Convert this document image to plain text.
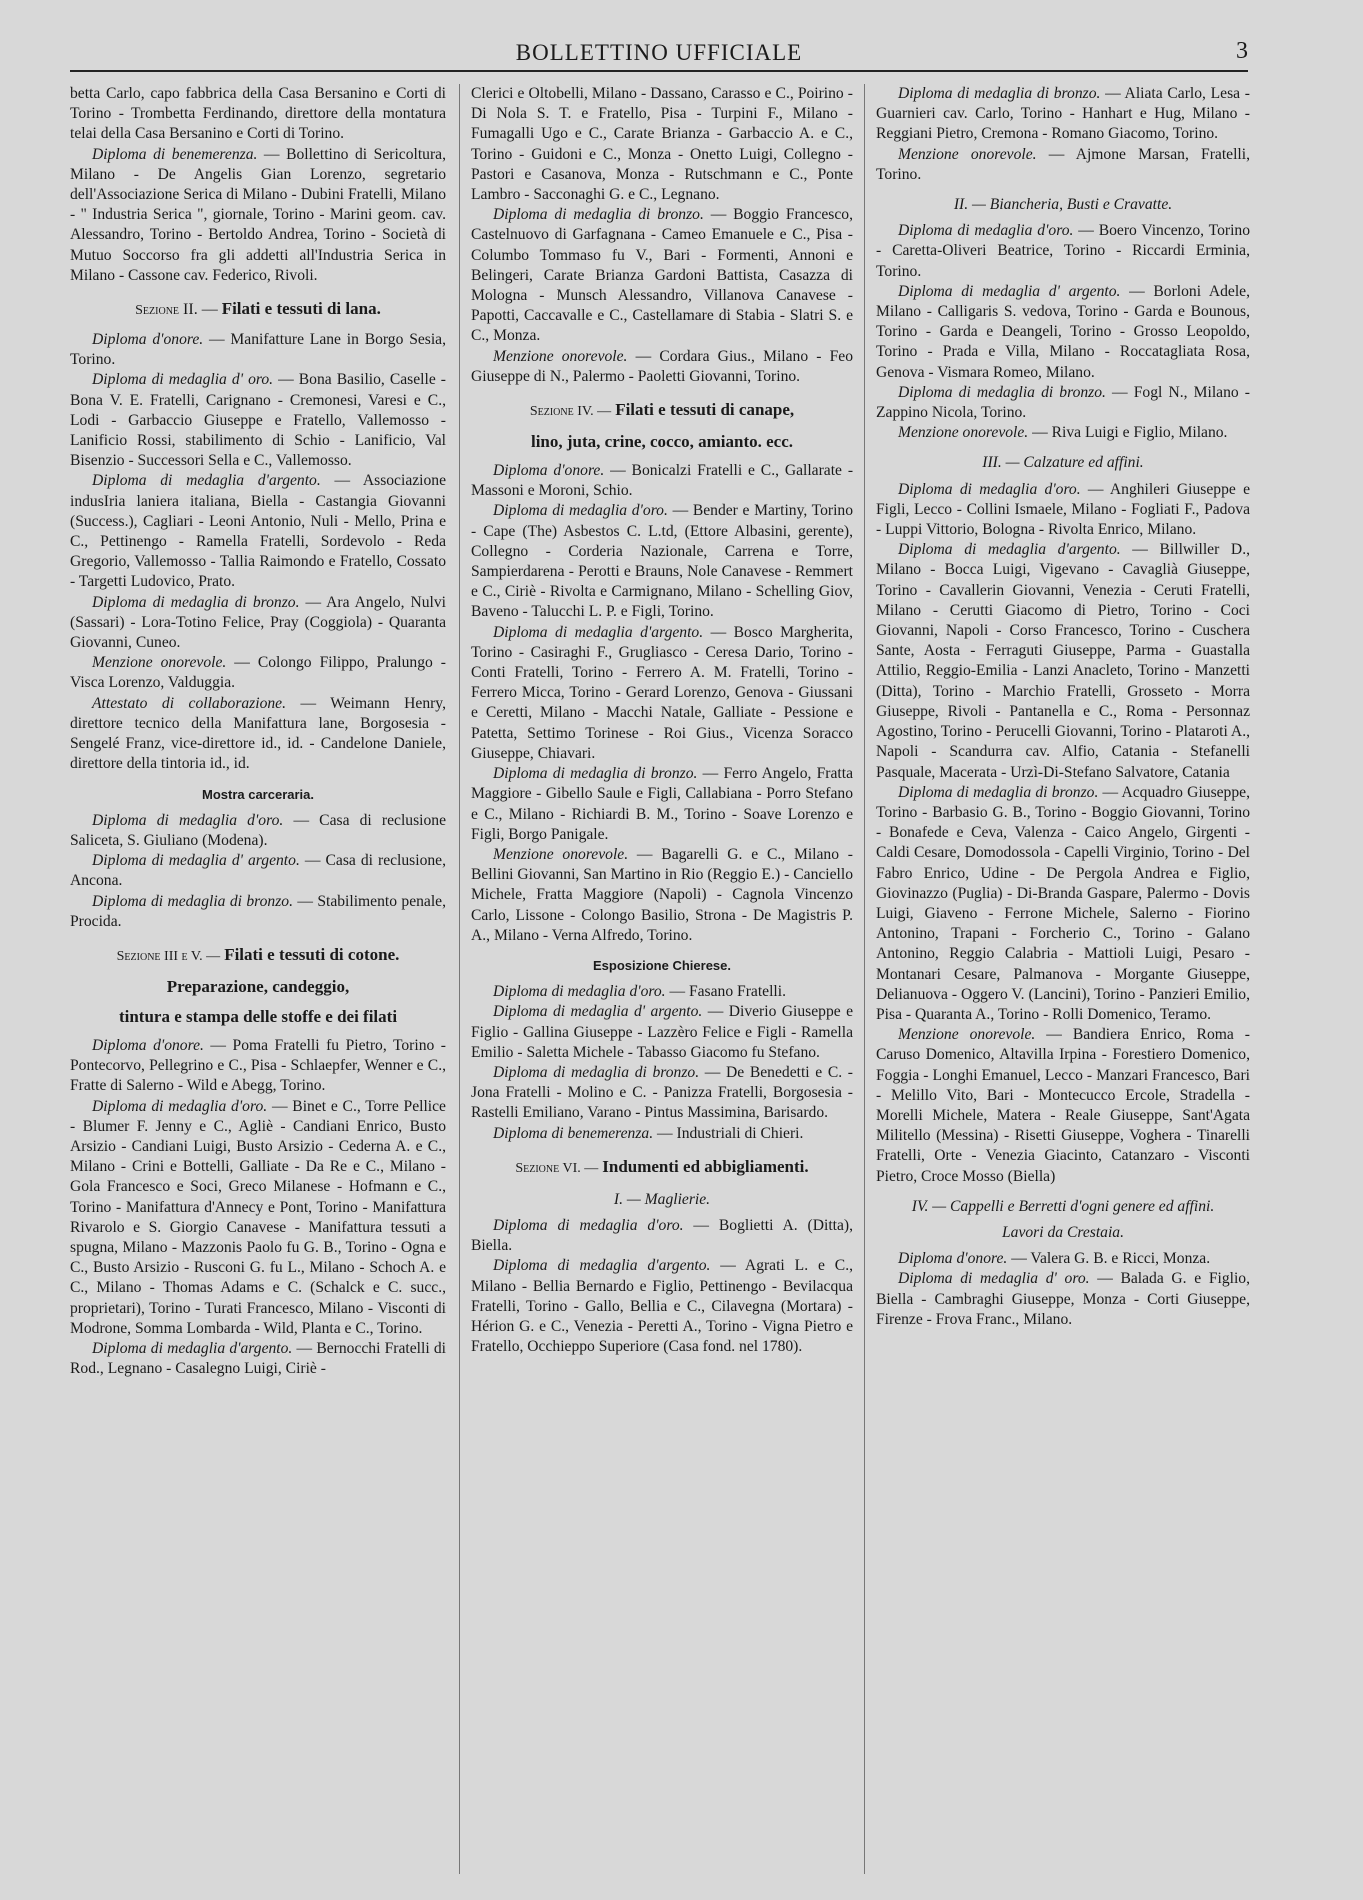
BOLLETTINO UFFICIALE	3

betta Carlo, capo fabbrica della Casa Bersanino e Corti di Torino - Trombetta Ferdinando, direttore della montatura telai della Casa Bersanino e Corti di Torino.

Diploma di benemerenza. — Bollettino di Sericoltura, Milano - De Angelis Gian Lorenzo, segretario dell'Associazione Serica di Milano - Dubini Fratelli, Milano - " Industria Serica ", giornale, Torino - Marini geom. cav. Alessandro, Torino - Bertoldo Andrea, Torino - Società di Mutuo Soccorso fra gli addetti all'Industria Serica in Milano - Cassone cav. Federico, Rivoli.

Sezione II. — Filati e tessuti di lana.

Diploma d'onore. — Manifatture Lane in Borgo Sesia, Torino.

Diploma di medaglia d' oro. — Bona Basilio, Caselle - Bona V. E. Fratelli, Carignano - Cremonesi, Varesi e C., Lodi - Garbaccio Giuseppe e Fratello, Vallemosso - Lanificio Rossi, stabilimento di Schio - Lanificio, Val Bisenzio - Successori Sella e C., Vallemosso.

Diploma di medaglia d'argento. — Associazione indusIria laniera italiana, Biella - Castangia Giovanni (Success.), Cagliari - Leoni Antonio, Nuli - Mello, Prina e C., Pettinengo - Ramella Fratelli, Sordevolo - Reda Gregorio, Vallemosso - Tallia Raimondo e Fratello, Cossato - Targetti Ludovico, Prato.

Diploma di medaglia di bronzo. — Ara Angelo, Nulvi (Sassari) - Lora-Totino Felice, Pray (Coggiola) - Quaranta Giovanni, Cuneo.

Menzione onorevole. — Colongo Filippo, Pralungo - Visca Lorenzo, Valduggia.

Attestato di collaborazione. — Weimann Henry, direttore tecnico della Manifattura lane, Borgosesia - Sengelé Franz, vice-direttore id., id. - Candelone Daniele, direttore della tintoria id., id.

Mostra carceraria.

Diploma di medaglia d'oro. — Casa di reclusione Saliceta, S. Giuliano (Modena).

Diploma di medaglia d' argento. — Casa di reclusione, Ancona.

Diploma di medaglia di bronzo. — Stabilimento penale, Procida.

Sezione III e V. — Filati e tessuti di cotone.
Preparazione, candeggio,
tintura e stampa delle stoffe e dei filati

Diploma d'onore. — Poma Fratelli fu Pietro, Torino - Pontecorvo, Pellegrino e C., Pisa - Schlaepfer, Wenner e C., Fratte di Salerno - Wild e Abegg, Torino.

Diploma di medaglia d'oro. — Binet e C., Torre Pellice - Blumer F. Jenny e C., Agliè - Candiani Enrico, Busto Arsizio - Candiani Luigi, Busto Arsizio - Cederna A. e C., Milano - Crini e Bottelli, Galliate - Da Re e C., Milano - Gola Francesco e Soci, Greco Milanese - Hofmann e C., Torino - Manifattura d'Annecy e Pont, Torino - Manifattura Rivarolo e S. Giorgio Canavese - Manifattura tessuti a spugna, Milano - Mazzonis Paolo fu G. B., Torino - Ogna e C., Busto Arsizio - Rusconi G. fu L., Milano - Schoch A. e C., Milano - Thomas Adams e C. (Schalck e C. succ., proprietari), Torino - Turati Francesco, Milano - Visconti di Modrone, Somma Lombarda - Wild, Planta e C., Torino.

Diploma di medaglia d'argento. — Bernocchi Fratelli di Rod., Legnano - Casalegno Luigi, Ciriè -

Clerici e Oltobelli, Milano - Dassano, Carasso e C., Poirino - Di Nola S. T. e Fratello, Pisa - Turpini F., Milano - Fumagalli Ugo e C., Carate Brianza - Garbaccio A. e C., Torino - Guidoni e C., Monza - Onetto Luigi, Collegno - Pastori e Casanova, Monza - Rutschmann e C., Ponte Lambro - Sacconaghi G. e C., Legnano.

Diploma di medaglia di bronzo. — Boggio Francesco, Castelnuovo di Garfagnana - Cameo Emanuele e C., Pisa - Columbo Tommaso fu V., Bari - Formenti, Annoni e Belingeri, Carate Brianza Gardoni Battista, Casazza di Mologna - Munsch Alessandro, Villanova Canavese - Papotti, Caccavalle e C., Castellamare di Stabia - Slatri S. e C., Monza.

Menzione onorevole. — Cordara Gius., Milano - Feo Giuseppe di N., Palermo - Paoletti Giovanni, Torino.

Sezione IV. — Filati e tessuti di canape,
lino, juta, crine, cocco, amianto. ecc.

Diploma d'onore. — Bonicalzi Fratelli e C., Gallarate - Massoni e Moroni, Schio.

Diploma di medaglia d'oro. — Bender e Martiny, Torino - Cape (The) Asbestos C. L.td, (Ettore Albasini, gerente), Collegno - Corderia Nazionale, Carrena e Torre, Sampierdarena - Perotti e Brauns, Nole Canavese - Remmert e C., Ciriè - Rivolta e Carmignano, Milano - Schelling Giov, Baveno - Talucchi L. P. e Figli, Torino.

Diploma di medaglia d'argento. — Bosco Margherita, Torino - Casiraghi F., Grugliasco - Ceresa Dario, Torino - Conti Fratelli, Torino - Ferrero A. M. Fratelli, Torino - Ferrero Micca, Torino - Gerard Lorenzo, Genova - Giussani e Ceretti, Milano - Macchi Natale, Galliate - Pessione e Patetta, Settimo Torinese - Roi Gius., Vicenza Soracco Giuseppe, Chiavari.

Diploma di medaglia di bronzo. — Ferro Angelo, Fratta Maggiore - Gibello Saule e Figli, Callabiana - Porro Stefano e C., Milano - Richiardi B. M., Torino - Soave Lorenzo e Figli, Borgo Panigale.

Menzione onorevole. — Bagarelli G. e C., Milano - Bellini Giovanni, San Martino in Rio (Reggio E.) - Canciello Michele, Fratta Maggiore (Napoli) - Cagnola Vincenzo Carlo, Lissone - Colongo Basilio, Strona - De Magistris P. A., Milano - Verna Alfredo, Torino.

Esposizione Chierese.

Diploma di medaglia d'oro. — Fasano Fratelli.

Diploma di medaglia d' argento. — Diverio Giuseppe e Figlio - Gallina Giuseppe - Lazzèro Felice e Figli - Ramella Emilio - Saletta Michele - Tabasso Giacomo fu Stefano.

Diploma di medaglia di bronzo. — De Benedetti e C. - Jona Fratelli - Molino e C. - Panizza Fratelli, Borgosesia - Rastelli Emiliano, Varano - Pintus Massimina, Barisardo.

Diploma di benemerenza. — Industriali di Chieri.

Sezione VI. — Indumenti ed abbigliamenti.
I. — Maglierie.

Diploma di medaglia d'oro. — Boglietti A. (Ditta), Biella.

Diploma di medaglia d'argento. — Agrati L. e C., Milano - Bellia Bernardo e Figlio, Pettinengo - Bevilacqua Fratelli, Torino - Gallo, Bellia e C., Cilavegna (Mortara) - Hérion G. e C., Venezia - Peretti A., Torino - Vigna Pietro e Fratello, Occhieppo Superiore (Casa fond. nel 1780).

Diploma di medaglia di bronzo. — Aliata Carlo, Lesa - Guarnieri cav. Carlo, Torino - Hanhart e Hug, Milano - Reggiani Pietro, Cremona - Romano Giacomo, Torino.

Menzione onorevole. — Ajmone Marsan, Fratelli, Torino.

II. — Biancheria, Busti e Cravatte.

Diploma di medaglia d'oro. — Boero Vincenzo, Torino - Caretta-Oliveri Beatrice, Torino - Riccardi Erminia, Torino.

Diploma di medaglia d' argento. — Borloni Adele, Milano - Calligaris S. vedova, Torino - Garda e Bounous, Torino - Garda e Deangeli, Torino - Grosso Leopoldo, Torino - Prada e Villa, Milano - Roccatagliata Rosa, Genova - Vismara Romeo, Milano.

Diploma di medaglia di bronzo. — Fogl N., Milano - Zappino Nicola, Torino.

Menzione onorevole. — Riva Luigi e Figlio, Milano.

III. — Calzature ed affini.

Diploma di medaglia d'oro. — Anghileri Giuseppe e Figli, Lecco - Collini Ismaele, Milano - Fogliati F., Padova - Luppi Vittorio, Bologna - Rivolta Enrico, Milano.

Diploma di medaglia d'argento. — Billwiller D., Milano - Bocca Luigi, Vigevano - Cavaglià Giuseppe, Torino - Cavallerin Giovanni, Venezia - Ceruti Fratelli, Milano - Cerutti Giacomo di Pietro, Torino - Coci Giovanni, Napoli - Corso Francesco, Torino - Cuschera Sante, Aosta - Ferraguti Giuseppe, Parma - Guastalla Attilio, Reggio-Emilia - Lanzi Anacleto, Torino - Manzetti (Ditta), Torino - Marchio Fratelli, Grosseto - Morra Giuseppe, Rivoli - Pantanella e C., Roma - Personnaz Agostino, Torino - Perucelli Giovanni, Torino - Plataroti A., Napoli - Scandurra cav. Alfio, Catania - Stefanelli Pasquale, Macerata - Urzì-Di-Stefano Salvatore, Catania

Diploma di medaglia di bronzo. — Acquadro Giuseppe, Torino - Barbasio G. B., Torino - Boggio Giovanni, Torino - Bonafede e Ceva, Valenza - Caico Angelo, Girgenti - Caldi Cesare, Domodossola - Capelli Virginio, Torino - Del Fabro Enrico, Udine - De Pergola Andrea e Figlio, Giovinazzo (Puglia) - Di-Branda Gaspare, Palermo - Dovis Luigi, Giaveno - Ferrone Michele, Salerno - Fiorino Antonino, Trapani - Forcherio C., Torino - Galano Antonino, Reggio Calabria - Mattioli Luigi, Pesaro - Montanari Cesare, Palmanova - Morgante Giuseppe, Delianuova - Oggero V. (Lancini), Torino - Panzieri Emilio, Pisa - Quaranta A., Torino - Rolli Domenico, Teramo.

Menzione onorevole. — Bandiera Enrico, Roma - Caruso Domenico, Altavilla Irpina - Forestiero Domenico, Foggia - Longhi Emanuel, Lecco - Manzari Francesco, Bari - Melillo Vito, Bari - Montecucco Ercole, Stradella - Morelli Michele, Matera - Reale Giuseppe, Sant'Agata Militello (Messina) - Risetti Giuseppe, Voghera - Tinarelli Fratelli, Orte - Venezia Giacinto, Catanzaro - Visconti Pietro, Croce Mosso (Biella)

IV. — Cappelli e Berretti d'ogni genere ed affini.
Lavori da Crestaia.

Diploma d'onore. — Valera G. B. e Ricci, Monza.

Diploma di medaglia d' oro. — Balada G. e Figlio, Biella - Cambraghi Giuseppe, Monza - Corti Giuseppe, Firenze - Frova Franc., Milano.
